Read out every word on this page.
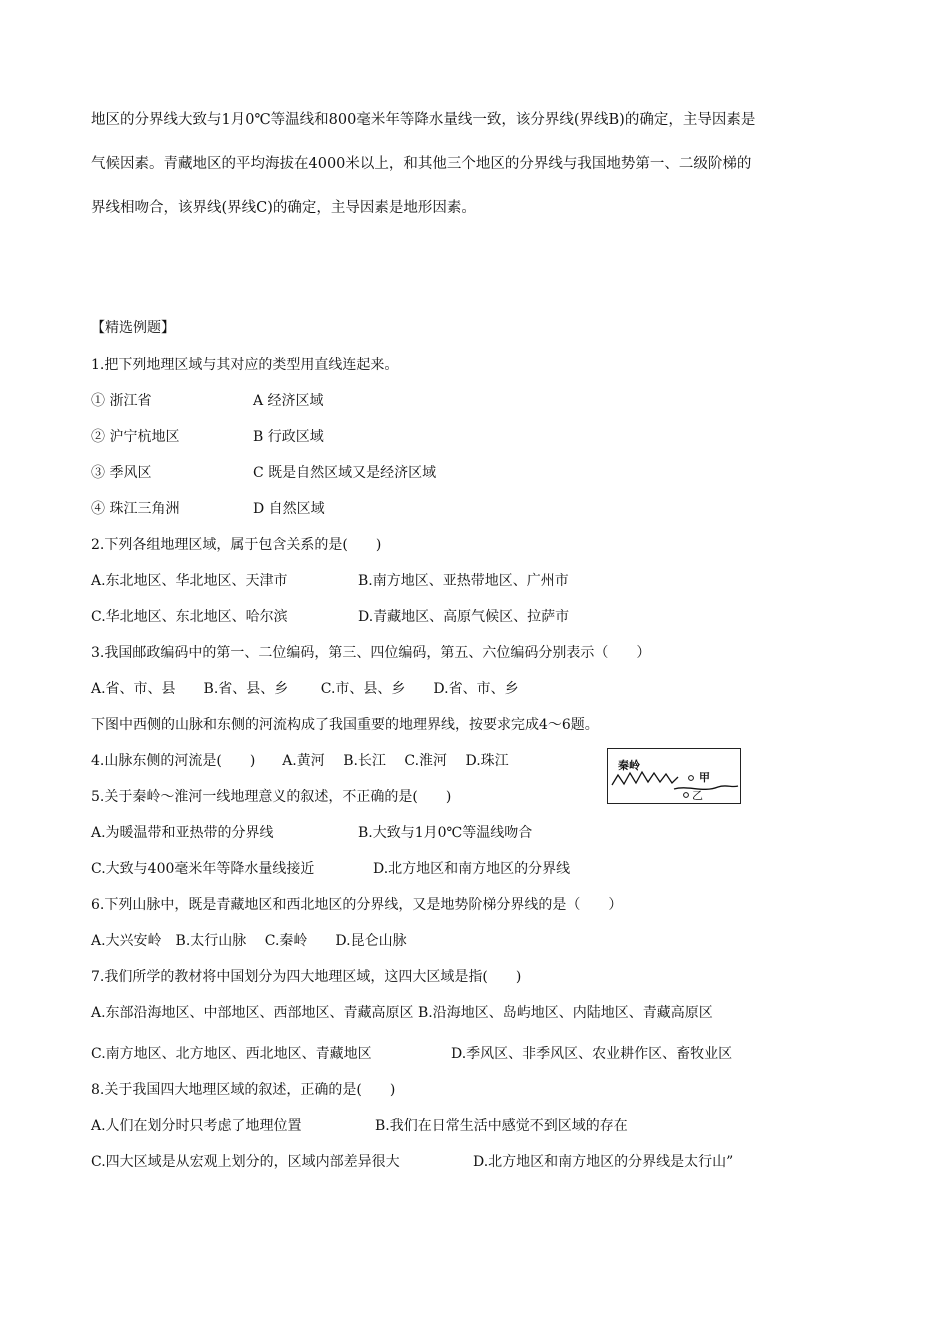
地区的分界线大致与1月0℃等温线和800毫米年等降水量线一致，该分界线(界线B)的确定，主导因素是

气候因素。青藏地区的平均海拔在4000米以上，和其他三个地区的分界线与我国地势第一、二级阶梯的

界线相吻合，该界线(界线C)的确定，主导因素是地形因素。

【精选例题】
1.把下列地理区域与其对应的类型用直线连起来。
① 浙江省	A 经济区域
② 沪宁杭地区	B 行政区域
③ 季风区	C 既是自然区域又是经济区域
④ 珠江三角洲	D 自然区域
2.下列各组地理区域，属于包含关系的是(　　)
A.东北地区、华北地区、天津市	B.南方地区、亚热带地区、广州市
C.华北地区、东北地区、哈尔滨	D.青藏地区、高原气候区、拉萨市
3.我国邮政编码中的第一、二位编码，第三、四位编码，第五、六位编码分别表示（　　）
A.省、市、县　　B.省、县、乡　　 C.市、县、乡　　D.省、市、乡
下图中西侧的山脉和东侧的河流构成了我国重要的地理界线，按要求完成4～6题。
4.山脉东侧的河流是(　　) A.黄河　 B.长江　 C.淮河　 D.珠江	秦岭
甲
乙
5.关于秦岭～淮河一线地理意义的叙述，不正确的是(　　)
A.为暖温带和亚热带的分界线	B.大致与1月0℃等温线吻合
C.大致与400毫米年等降水量线接近	D.北方地区和南方地区的分界线
6.下列山脉中，既是青藏地区和西北地区的分界线，又是地势阶梯分界线的是（　　）
A.大兴安岭　B.太行山脉　 C.秦岭　　D.昆仑山脉
7.我们所学的教材将中国划分为四大地理区域，这四大区域是指(　　)
A.东部沿海地区、中部地区、西部地区、青藏高原区 B.沿海地区、岛屿地区、内陆地区、青藏高原区
C.南方地区、北方地区、西北地区、青藏地区	D.季风区、非季风区、农业耕作区、畜牧业区
8.关于我国四大地理区域的叙述，正确的是(　　)
A.人们在划分时只考虑了地理位置	B.我们在日常生活中感觉不到区域的存在
C.四大区域是从宏观上划分的，区域内部差异很大	D.北方地区和南方地区的分界线是太行山”
